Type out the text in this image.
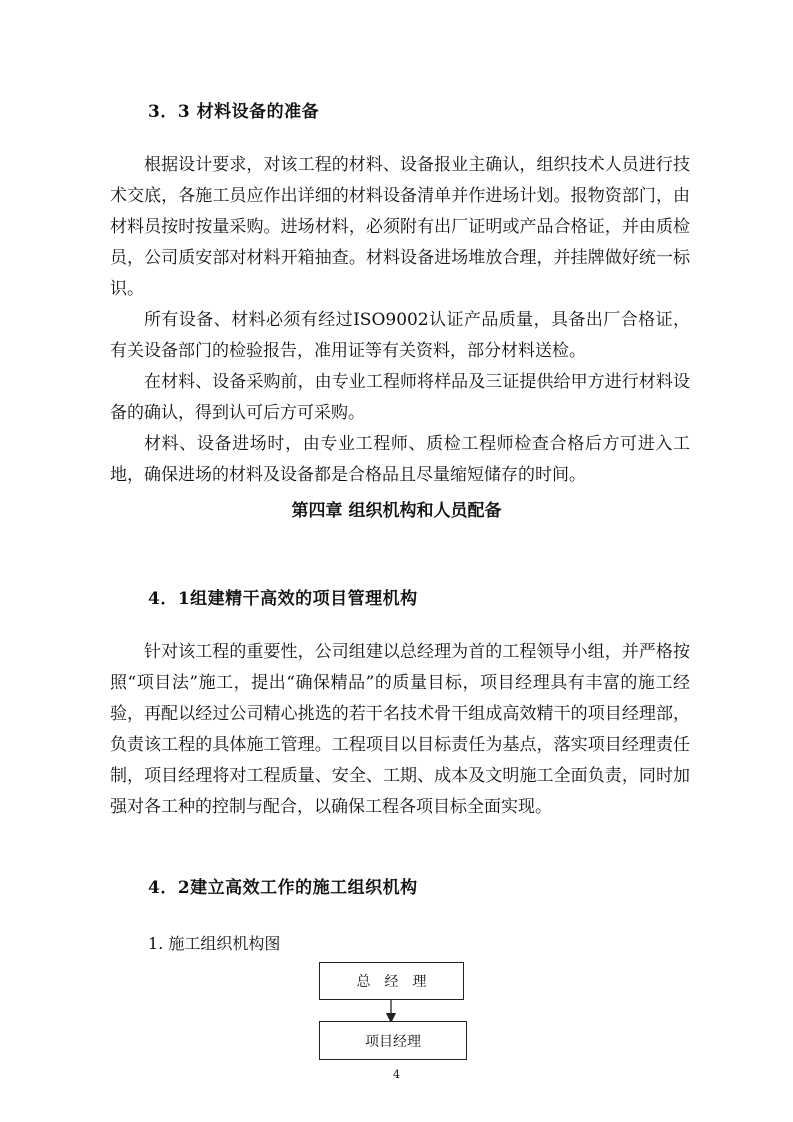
3．3 材料设备的准备

根据设计要求，对该工程的材料、设备报业主确认，组织技术人员进行技术交底，各施工员应作出详细的材料设备清单并作进场计划。报物资部门，由材料员按时按量采购。进场材料，必须附有出厂证明或产品合格证，并由质检员，公司质安部对材料开箱抽查。材料设备进场堆放合理，并挂牌做好统一标识。

所有设备、材料必须有经过ISO9002认证产品质量，具备出厂合格证，有关设备部门的检验报告，准用证等有关资料，部分材料送检。

在材料、设备采购前，由专业工程师将样品及三证提供给甲方进行材料设备的确认，得到认可后方可采购。

材料、设备进场时，由专业工程师、质检工程师检查合格后方可进入工地，确保进场的材料及设备都是合格品且尽量缩短储存的时间。

第四章 组织机构和人员配备
4．1组建精干高效的项目管理机构

针对该工程的重要性，公司组建以总经理为首的工程领导小组，并严格按照“项目法”施工，提出“确保精品”的质量目标，项目经理具有丰富的施工经验，再配以经过公司精心挑选的若干名技术骨干组成高效精干的项目经理部，负责该工程的具体施工管理。工程项目以目标责任为基点，落实项目经理责任制，项目经理将对工程质量、安全、工期、成本及文明施工全面负责，同时加强对各工种的控制与配合，以确保工程各项目标全面实现。

4．2建立高效工作的施工组织机构
1. 施工组织机构图
总经理
项目经理
4
